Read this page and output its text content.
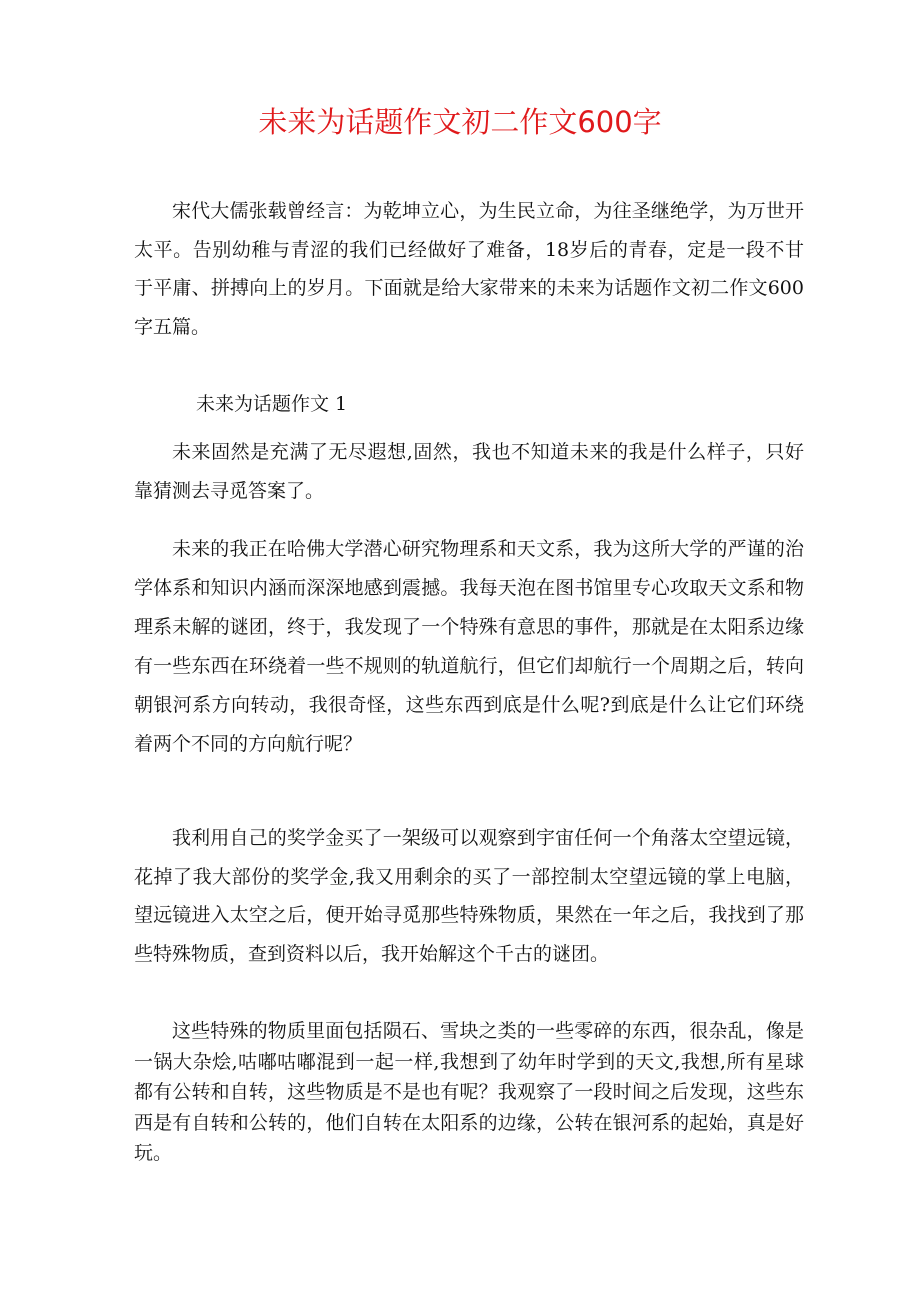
未来为话题作文初二作文600字

宋代大儒张载曾经言：为乾坤立心，为生民立命，为往圣继绝学，为万世开太平。告别幼稚与青涩的我们已经做好了难备，18岁后的青春，定是一段不甘于平庸、拼搏向上的岁月。下面就是给大家带来的未来为话题作文初二作文600字五篇。

未来为话题作文 1

未来固然是充满了无尽遐想,固然，我也不知道未来的我是什么样子，只好靠猜测去寻觅答案了。

未来的我正在哈佛大学潜心研究物理系和天文系，我为这所大学的严谨的治学体系和知识内涵而深深地感到震撼。我每天泡在图书馆里专心攻取天文系和物理系未解的谜团，终于，我发现了一个特殊有意思的事件，那就是在太阳系边缘有一些东西在环绕着一些不规则的轨道航行，但它们却航行一个周期之后，转向朝银河系方向转动，我很奇怪，这些东西到底是什么呢?到底是什么让它们环绕着两个不同的方向航行呢？

我利用自己的奖学金买了一架级可以观察到宇宙任何一个角落太空望远镜，花掉了我大部份的奖学金,我又用剩余的买了一部控制太空望远镜的掌上电脑，望远镜进入太空之后，便开始寻觅那些特殊物质，果然在一年之后，我找到了那些特殊物质，查到资料以后，我开始解这个千古的谜团。

这些特殊的物质里面包括陨石、雪块之类的一些零碎的东西，很杂乱，像是一锅大杂烩,咕嘟咕嘟混到一起一样,我想到了幼年时学到的天文,我想,所有星球都有公转和自转，这些物质是不是也有呢？我观察了一段时间之后发现，这些东西是有自转和公转的，他们自转在太阳系的边缘，公转在银河系的起始，真是好玩。
